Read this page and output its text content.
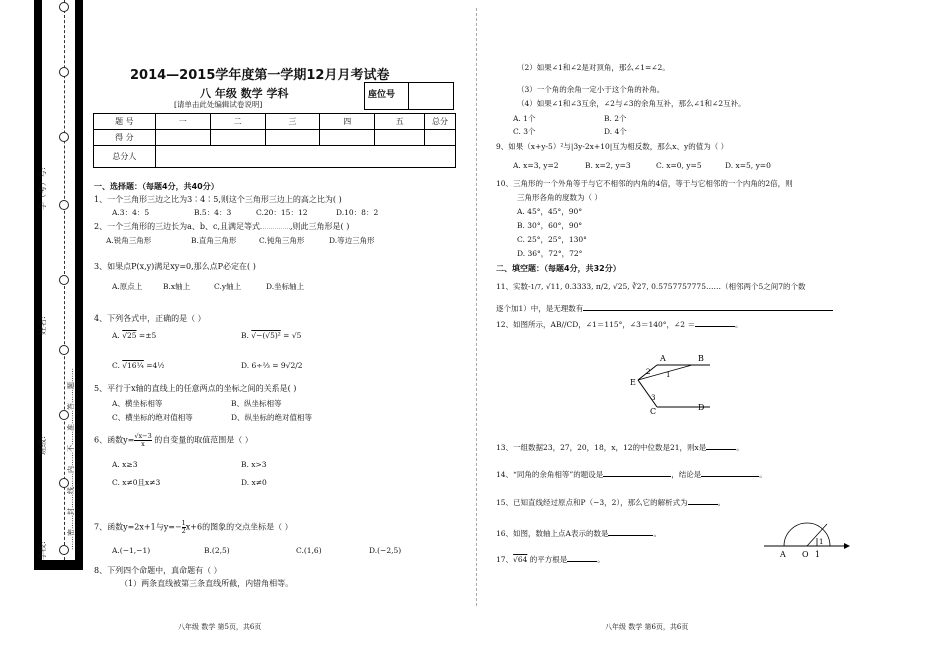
……密……封……线……内……不……准……答……题……
学校:
班级:
姓名:
学（考）号:
2014—2015学年度第一学期12月月考试卷
八 年级 数学 学科	座位号
[请单击此处编辑试卷说明]
题 号	一	二	三	四	五	总分
得 分						
总分人						
一、选择题：（每题4分，共40分）
1、一个三角形三边之比为3∶4∶5,则这个三角形三边上的高之比为( )
A.3：4：5	B.5：4：3	C.20：15：12	D.10：8：2
2、一个三角形的三边长为a、b、c,且满足等式	,则此三角形是( )
A.锐角三角形	B.直角三角形	C.钝角三角形	D.等边三角形
3、如果点P(x,y)满足xy=0,那么点P必定在( )
A.原点上	B.x轴上	C.y轴上	D.坐标轴上
4、下列各式中，正确的是（ ）
A. √25 =±5	B. √−(√5)² = √5
C. √16¼ =4½	D. 6÷⅔ = 9√2/2
5、平行于x轴的直线上的任意两点的坐标之间的关系是( )
A、横坐标相等	B、纵坐标相等
C、横坐标的绝对值相等	D、纵坐标的绝对值相等
6、函数$y= \frac{√x-3}{x}$ 的自变量的取值范围是（ ）
A. x≥3	B. x>3
C. x≠0且x≠3	D. x≠0
7、函数y=2x+1与$y=- \frac{1}{2} x+6$的图象的交点坐标是（ ）
A.(−1,−1)	B.(2,5)	C.(1,6)	D.(−2,5)
8、下列四个命题中，真命题有（ ）
（1）两条直线被第三条直线所截，内错角相等。
八年级 数学 第5页，共6页
（2）如果∠1和∠2是对顶角，那么∠1=∠2。
（3）一个角的余角一定小于这个角的补角。
（4）如果∠1和∠3互余，∠2与∠3的余角互补，那么∠1和∠2互补。
A. 1个	B. 2个
C. 3个	D. 4个
9、如果（x+y-5）²与|3y-2x+10|互为相反数，那么x、y的值为（ ）
A. x=3, y=2	B. x=2, y=3	C. x=0, y=5	D. x=5, y=0
10、三角形的一个外角等于与它不相邻的内角的4倍，等于与它相邻的一个内角的2倍，则
三角形各角的度数为（ ）
A. 45°，45°，90°
B. 30°，60°，90°
C. 25°，25°，130°
D. 36°，72°，72°
二、填空题：（每题4分，共32分）
11、实数-1/7, √11, 0.3333, π/2, √25, ∛27, 0.5757757775……（相邻两个5之间7的个数
逐个加1）中，是无理数有
12、如图所示，AB//CD，∠1＝115°，∠3＝140°，∠2 ＝	。
A	B
E
2 1
3
C	D
13、一组数据23，27，20，18，x，12的中位数是21，则x是	。
14、“同角的余角相等”的题设是	，结论是	。
15、已知直线经过原点和P（−3，2），那么它的解析式为	。
16、如图，数轴上点A表示的数是	。
A O 1
1
17、√64 的平方根是	。
八年级 数学 第6页，共6页
